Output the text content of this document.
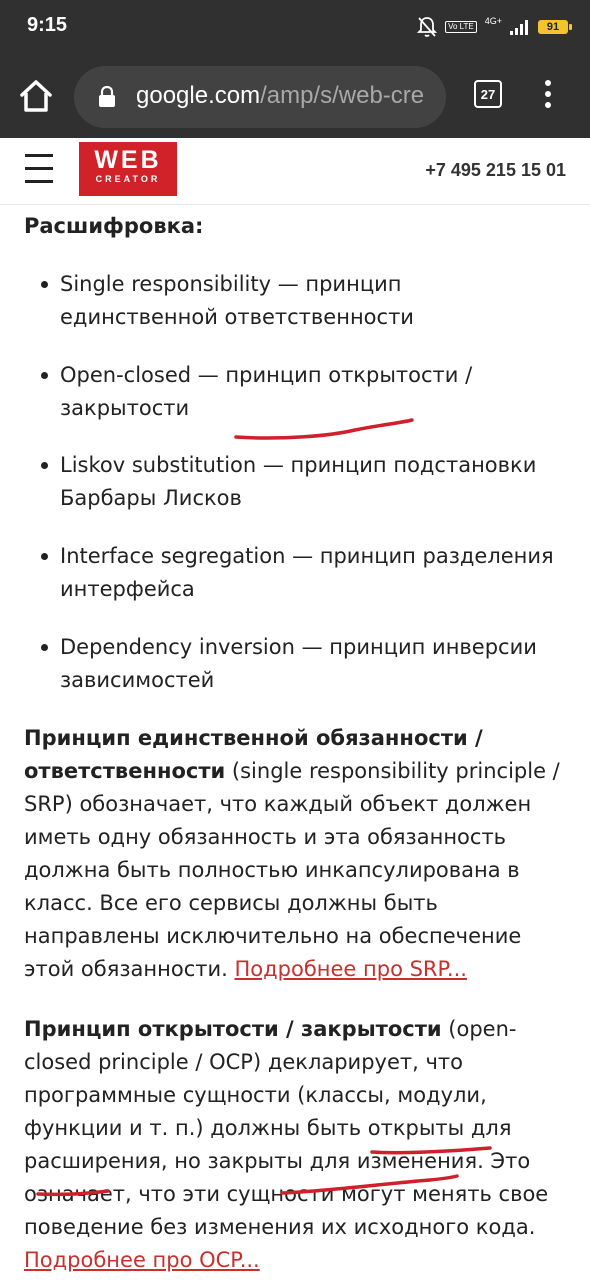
9:15	Vo LTE
4G+	91
google.com/amp/s/web-cre	27
WEB
CREATOR	+7 495 215 15 01
Расшифровка:
Single responsibility — принцип единственной ответственности
Open-closed — принцип открытости / закрытости
Liskov substitution — принцип подстановки Барбары Лисков
Interface segregation — принцип разделения интерфейса
Dependency inversion — принцип инверсии зависимостей
Принцип единственной обязанности / ответственности (single responsibility principle / SRP) обозначает, что каждый объект должен иметь одну обязанность и эта обязанность должна быть полностью инкапсулирована в класс. Все его сервисы должны быть направлены исключительно на обеспечение этой обязанности. Подробнее про SRP...
Принцип открытости / закрытости (open-closed principle / OCP) декларирует, что программные сущности (классы, модули, функции и т. п.) должны быть открыты для расширения, но закрыты для изменения. Это означает, что эти сущности могут менять свое поведение без изменения их исходного кода.
Подробнее про OCP...
